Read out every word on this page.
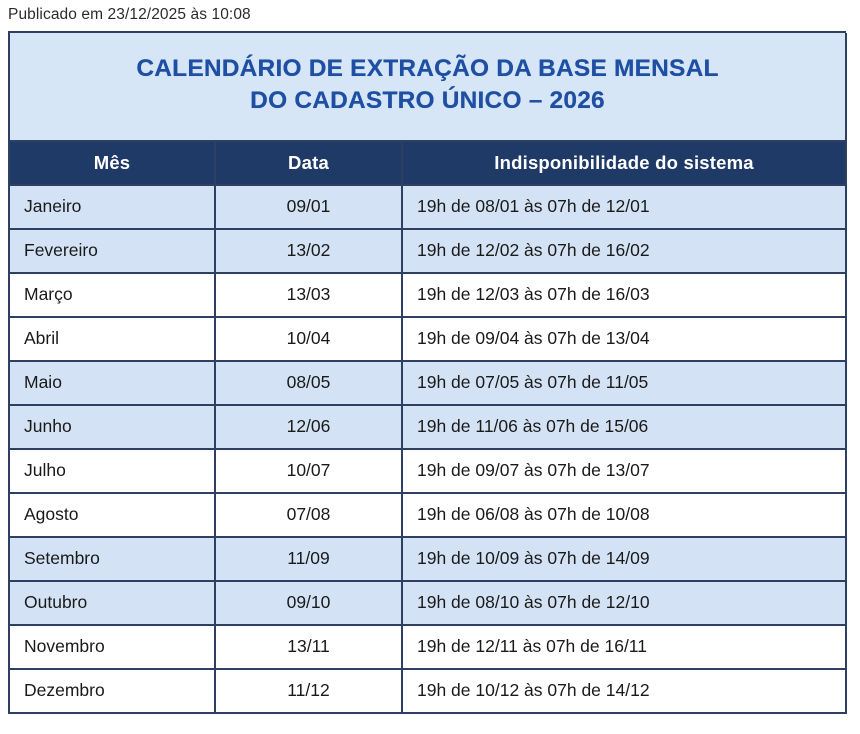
Publicado em 23/12/2025 às 10:08
CALENDÁRIO DE EXTRAÇÃO DA BASE MENSAL
DO CADASTRO ÚNICO – 2026		

Mês	Data	Indisponibilidade do sistema
Janeiro	09/01	19h de 08/01 às 07h de 12/01
Fevereiro	13/02	19h de 12/02 às 07h de 16/02
Março	13/03	19h de 12/03 às 07h de 16/03
Abril	10/04	19h de 09/04 às 07h de 13/04
Maio	08/05	19h de 07/05 às 07h de 11/05
Junho	12/06	19h de 11/06 às 07h de 15/06
Julho	10/07	19h de 09/07 às 07h de 13/07
Agosto	07/08	19h de 06/08 às 07h de 10/08
Setembro	11/09	19h de 10/09 às 07h de 14/09
Outubro	09/10	19h de 08/10 às 07h de 12/10
Novembro	13/11	19h de 12/11 às 07h de 16/11
Dezembro	11/12	19h de 10/12 às 07h de 14/12
